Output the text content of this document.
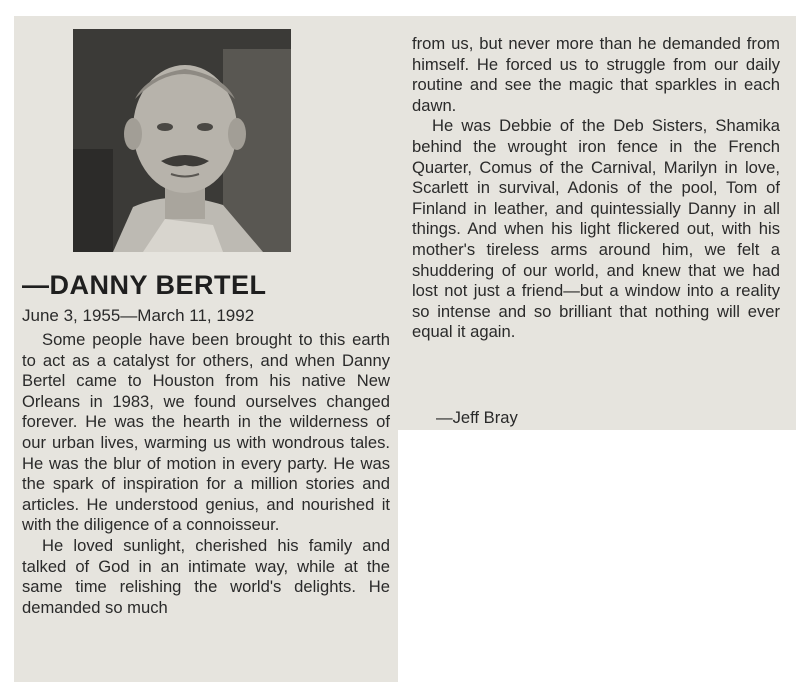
—DANNY BERTEL
June 3, 1955—March 11, 1992

Some people have been brought to this earth to act as a catalyst for others, and when Danny Bertel came to Houston from his native New Orleans in 1983, we found ourselves changed forever. He was the hearth in the wilderness of our urban lives, warming us with wondrous tales. He was the blur of motion in every party. He was the spark of inspiration for a million stories and articles. He understood genius, and nourished it with the diligence of a connoisseur.

He loved sunlight, cherished his family and talked of God in an intimate way, while at the same time relishing the world's delights. He demanded so much

from us, but never more than he demanded from himself. He forced us to struggle from our daily routine and see the magic that sparkles in each dawn.

He was Debbie of the Deb Sisters, Shamika behind the wrought iron fence in the French Quarter, Comus of the Carnival, Marilyn in love, Scarlett in survival, Adonis of the pool, Tom of Finland in leather, and quintessially Danny in all things. And when his light flickered out, with his mother's tireless arms around him, we felt a shuddering of our world, and knew that we had lost not just a friend—but a window into a reality so intense and so brilliant that nothing will ever equal it again.

—Jeff Bray
